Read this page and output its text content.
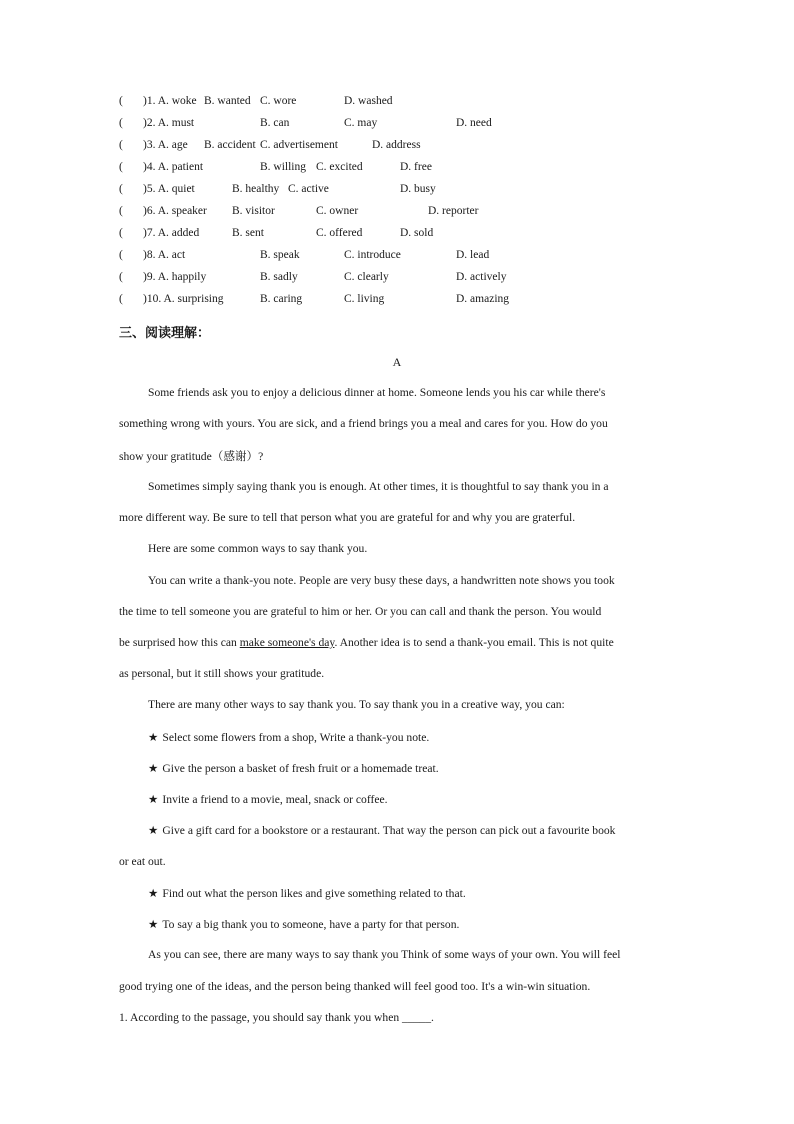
( )1. A. woke B. wanted C. wore	D. washed
( )2. A. must	B. can	C. may	D. need
( )3. A. age B. accident C. advertisement	D. address
( )4. A. patient	B. willing C. excited	D. free
( )5. A. quiet	B. healthy C. active	D. busy
( )6. A. speaker B. visitor	C. owner	D. reporter
( )7. A. added	B. sent	C. offered	D. sold
( )8. A. act	B. speak	C. introduce	D. lead
( )9. A. happily	B. sadly	C. clearly	D. actively
( )10. A. surprising	B. caring	C. living	D. amazing
三、阅读理解：
A
Some friends ask you to enjoy a delicious dinner at home. Someone lends you his car while there's
something wrong with yours. You are sick, and a friend brings you a meal and cares for you. How do you
show your gratitude（感谢）?
Sometimes simply saying thank you is enough. At other times, it is thoughtful to say thank you in a
more different way. Be sure to tell that person what you are grateful for and why you are graterful.
Here are some common ways to say thank you.
You can write a thank-you note. People are very busy these days, a handwritten note shows you took
the time to tell someone you are grateful to him or her. Or you can call and thank the person. You would
be surprised how this can make someone's day. Another idea is to send a thank-you email. This is not quite
as personal, but it still shows your gratitude.
There are many other ways to say thank you. To say thank you in a creative way, you can:
★ Select some flowers from a shop, Write a thank-you note.
★ Give the person a basket of fresh fruit or a homemade treat.
★ Invite a friend to a movie, meal, snack or coffee.
★ Give a gift card for a bookstore or a restaurant. That way the person can pick out a favourite book
or eat out.
★ Find out what the person likes and give something related to that.
★ To say a big thank you to someone, have a party for that person.
As you can see, there are many ways to say thank you Think of some ways of your own. You will feel
good trying one of the ideas, and the person being thanked will feel good too. It's a win-win situation.
1. According to the passage, you should say thank you when _____.
